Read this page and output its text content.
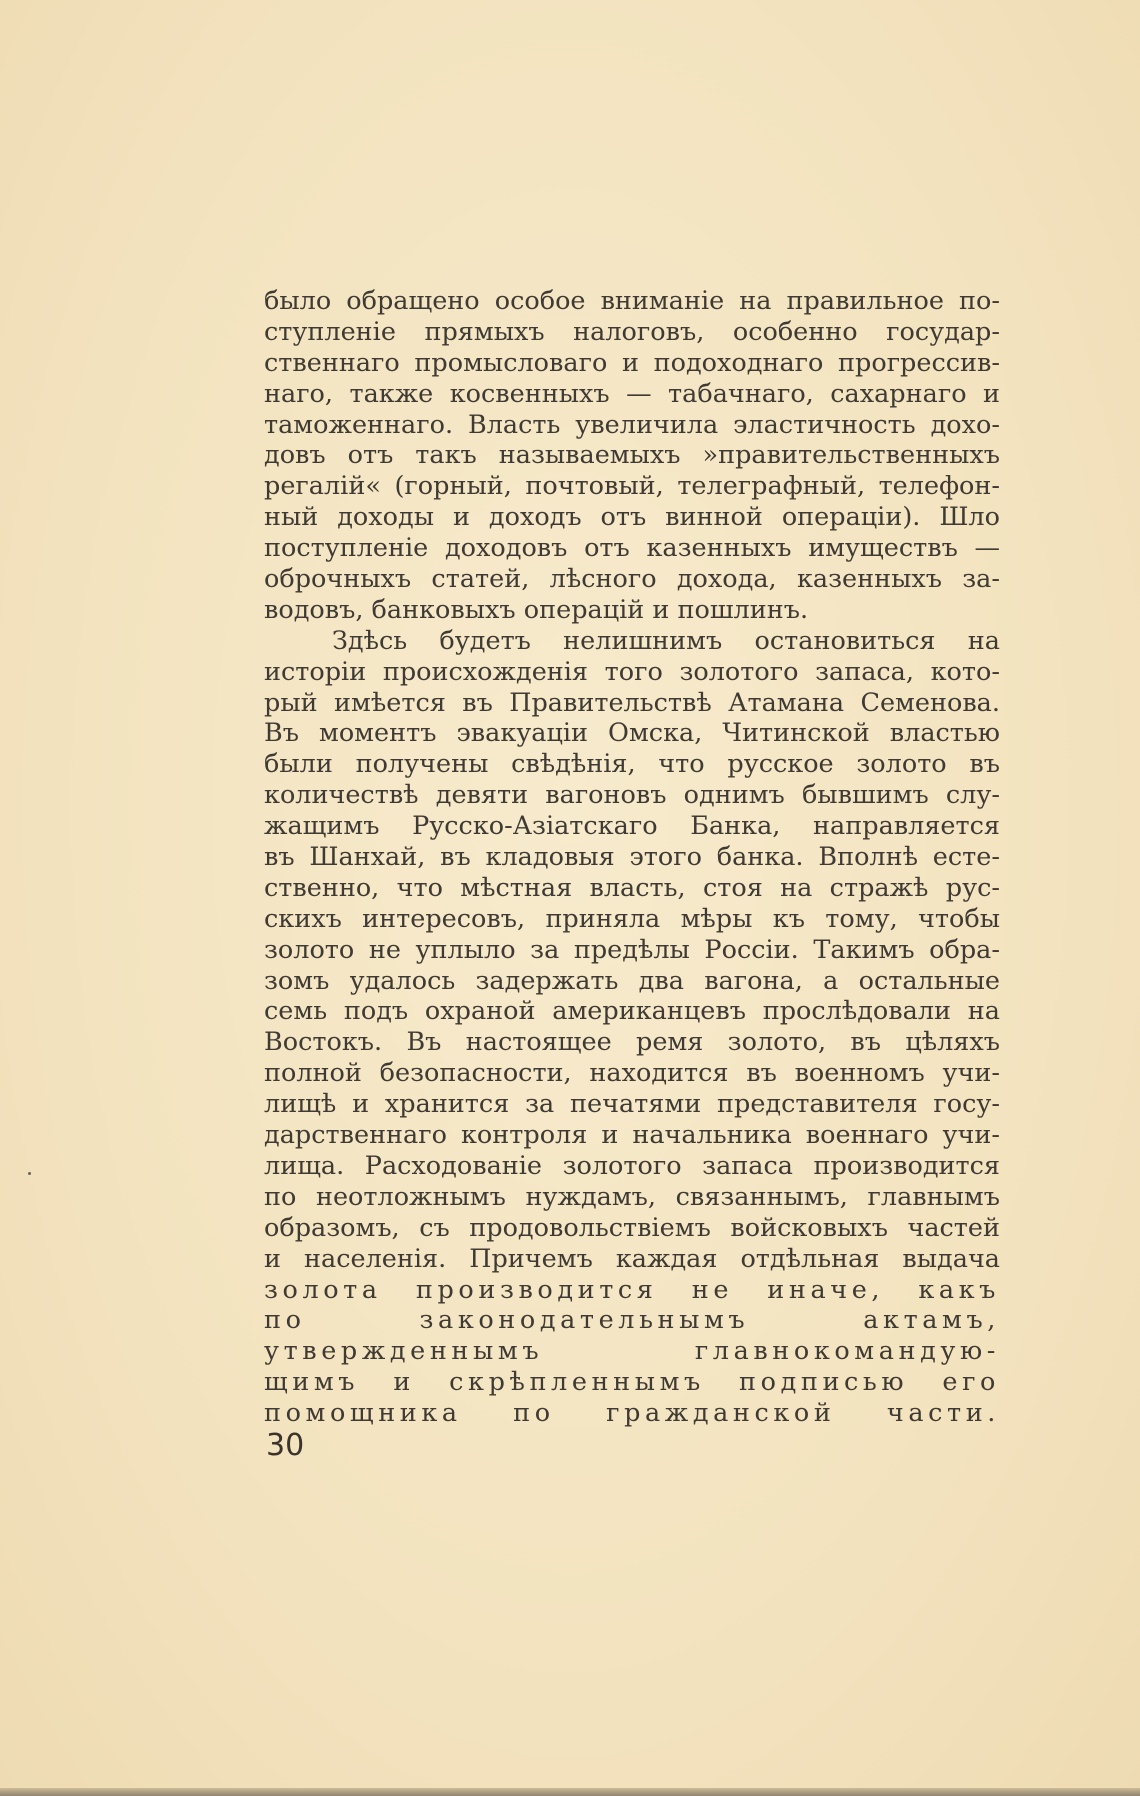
было обращено особое вниманіе на правильное по-
ступленіе прямыхъ налоговъ, особенно государ-
ственнаго промысловаго и подоходнаго прогрессив-
наго, также косвенныхъ — табачнаго, сахарнаго и
таможеннаго. Власть увеличила эластичность дохо-
довъ отъ такъ называемыхъ »правительственныхъ
регалій« (горный, почтовый, телеграфный, телефон-
ный доходы и доходъ отъ винной операціи). Шло
поступленіе доходовъ отъ казенныхъ имуществъ —
оброчныхъ статей, лѣсного дохода, казенныхъ за-
водовъ, банковыхъ операцій и пошлинъ.
Здѣсь будетъ нелишнимъ остановиться на
исторіи происхожденія того золотого запаса, кото-
рый имѣется въ Правительствѣ Атамана Семенова.
Въ моментъ эвакуаціи Омска, Читинской властью
были получены свѣдѣнія, что русское золото въ
количествѣ девяти вагоновъ однимъ бывшимъ слу-
жащимъ Русско-Азіатскаго Банка, направляется
въ Шанхай, въ кладовыя этого банка. Вполнѣ есте-
ственно, что мѣстная власть, стоя на стражѣ рус-
скихъ интересовъ, приняла мѣры къ тому, чтобы
золото не уплыло за предѣлы Россіи. Такимъ обра-
зомъ удалось задержать два вагона, а остальные
семь подъ охраной американцевъ прослѣдовали на
Востокъ. Въ настоящее ремя золото, въ цѣляхъ
полной безопасности, находится въ военномъ учи-
лищѣ и хранится за печатями представителя госу-
дарственнаго контроля и начальника военнаго учи-
лища. Расходованіе золотого запаса производится
по неотложнымъ нуждамъ, связаннымъ, главнымъ
образомъ, съ продовольствіемъ войсковыхъ частей
и населенія. Причемъ каждая отдѣльная выдача
золота производится не иначе, какъ
по законодательнымъ актамъ,
утвержденнымъ главнокомандую-
щимъ и скрѣпленнымъ подписью его
помощника по гражданской части.
30
